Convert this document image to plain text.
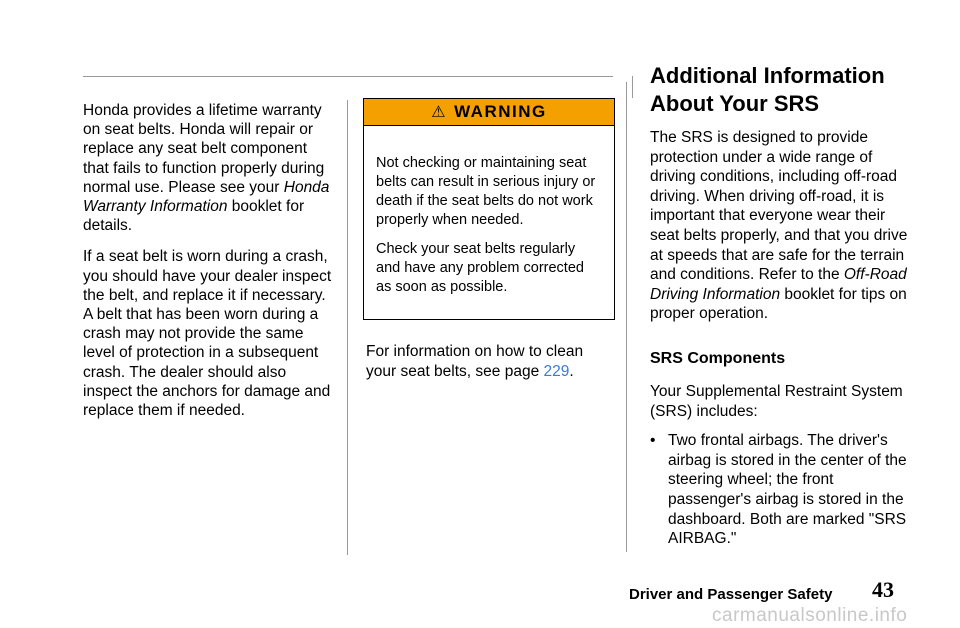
Honda provides a lifetime warranty on seat belts. Honda will repair or replace any seat belt component that fails to function properly during normal use. Please see your Honda Warranty Information booklet for details.

If a seat belt is worn during a crash, you should have your dealer inspect the belt, and replace it if necessary. A belt that has been worn during a crash may not provide the same level of protection in a subsequent crash. The dealer should also inspect the anchors for damage and replace them if needed.

⚠ WARNING

Not checking or maintaining seat belts can result in serious injury or death if the seat belts do not work properly when needed.

Check your seat belts regularly and have any problem corrected as soon as possible.

For information on how to clean your seat belts, see page 229.

Additional Information
About Your SRS

The SRS is designed to provide protection under a wide range of driving conditions, including off-road driving. When driving off-road, it is important that everyone wear their seat belts properly, and that you drive at speeds that are safe for the terrain and conditions. Refer to the Off-Road Driving Information booklet for tips on proper operation.

SRS Components

Your Supplemental Restraint System (SRS) includes:

• Two frontal airbags. The driver's airbag is stored in the center of the steering wheel; the front passenger's airbag is stored in the dashboard. Both are marked "SRS AIRBAG."
Driver and Passenger Safety 43
carmanualsonline.info
